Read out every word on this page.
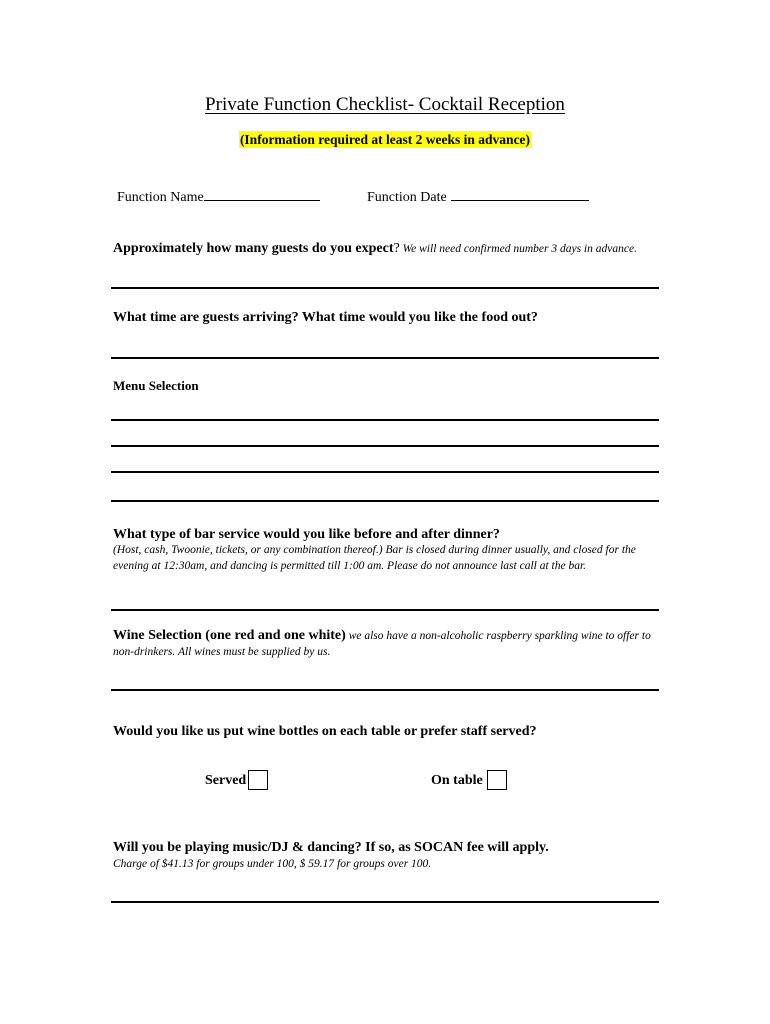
Private Function Checklist- Cocktail Reception
(Information required at least 2 weeks in advance)
Function Name	Function Date
Approximately how many guests do you expect? We will need confirmed number 3 days in advance.
What time are guests arriving? What time would you like the food out?
Menu Selection
What type of bar service would you like before and after dinner?
(Host, cash, Twoonie, tickets, or any combination thereof.) Bar is closed during dinner usually, and closed for the evening at 12:30am, and dancing is permitted till 1:00 am. Please do not announce last call at the bar.
Wine Selection (one red and one white) we also have a non-alcoholic raspberry sparkling wine to offer to non-drinkers. All wines must be supplied by us.
Would you like us put wine bottles on each table or prefer staff served?
Served	On table
Will you be playing music/DJ & dancing? If so, as SOCAN fee will apply.
Charge of $41.13 for groups under 100, $ 59.17 for groups over 100.
